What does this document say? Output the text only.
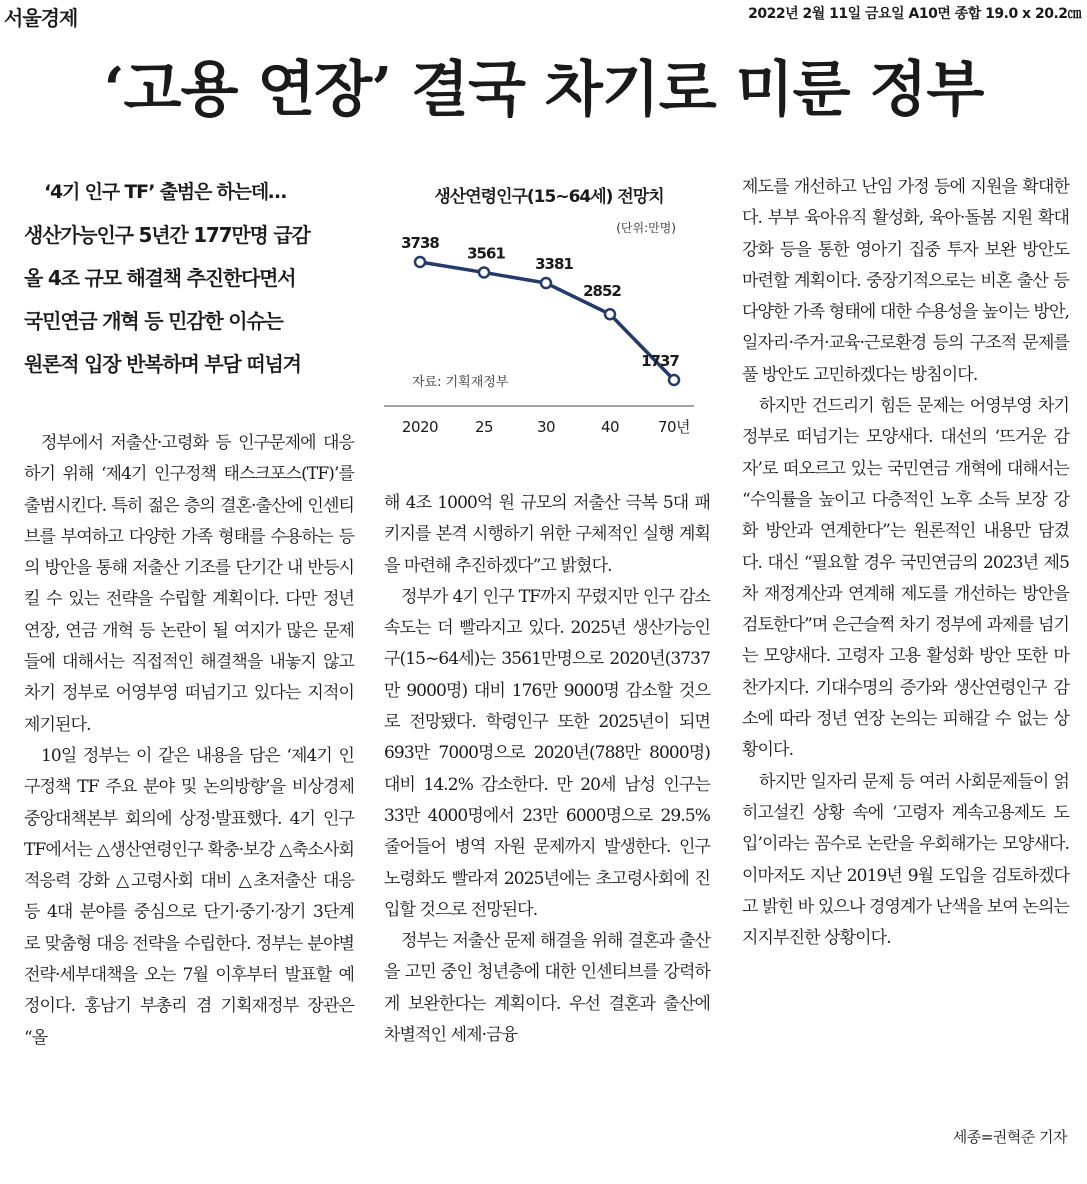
서울경제	2022년 2월 11일 금요일 A10면 종합 19.0 x 20.2㎝
‘고용 연장’ 결국 차기로 미룬 정부
‘4기 인구 TF’ 출범은 하는데…
생산가능인구 5년간 177만명 급감
올 4조 규모 해결책 추진한다면서
국민연금 개혁 등 민감한 이슈는
원론적 입장 반복하며 부담 떠넘겨

정부에서 저출산·고령화 등 인구문제에 대응하기 위해 ‘제4기 인구정책 태스크포스(TF)’를 출범시킨다. 특히 젊은 층의 결혼·출산에 인센티브를 부여하고 다양한 가족 형태를 수용하는 등의 방안을 통해 저출산 기조를 단기간 내 반등시킬 수 있는 전략을 수립할 계획이다. 다만 정년 연장, 연금 개혁 등 논란이 될 여지가 많은 문제들에 대해서는 직접적인 해결책을 내놓지 않고 차기 정부로 어영부영 떠넘기고 있다는 지적이 제기된다.

10일 정부는 이 같은 내용을 담은 ‘제4기 인구정책 TF 주요 분야 및 논의방향’을 비상경제 중앙대책본부 회의에 상정·발표했다. 4기 인구 TF에서는 △생산연령인구 확충·보강 △축소사회 적응력 강화 △고령사회 대비 △초저출산 대응 등 4대 분야를 중심으로 단기·중기·장기 3단계로 맞춤형 대응 전략을 수립한다. 정부는 분야별 전략·세부대책을 오는 7월 이후부터 발표할 예정이다. 홍남기 부총리 겸 기획재정부 장관은 “올

생산연령인구(15~64세) 전망치
(단위:만명)
자료: 기획재정부
3738
2020
3561
25
3381
30
2852
40
1737
70년

해 4조 1000억 원 규모의 저출산 극복 5대 패키지를 본격 시행하기 위한 구체적인 실행 계획을 마련해 추진하겠다”고 밝혔다.

정부가 4기 인구 TF까지 꾸렸지만 인구 감소 속도는 더 빨라지고 있다. 2025년 생산가능인구(15~64세)는 3561만명으로 2020년(3737만 9000명) 대비 176만 9000명 감소할 것으로 전망됐다. 학령인구 또한 2025년이 되면 693만 7000명으로 2020년(788만 8000명) 대비 14.2% 감소한다. 만 20세 남성 인구는 33만 4000명에서 23만 6000명으로 29.5% 줄어들어 병역 자원 문제까지 발생한다. 인구 노령화도 빨라져 2025년에는 초고령사회에 진입할 것으로 전망된다.

정부는 저출산 문제 해결을 위해 결혼과 출산을 고민 중인 청년층에 대한 인센티브를 강력하게 보완한다는 계획이다. 우선 결혼과 출산에 차별적인 세제·금융

제도를 개선하고 난임 가정 등에 지원을 확대한다. 부부 육아유직 활성화, 육아·돌봄 지원 확대 강화 등을 통한 영아기 집중 투자 보완 방안도 마련할 계획이다. 중장기적으로는 비혼 출산 등 다양한 가족 형태에 대한 수용성을 높이는 방안, 일자리·주거·교육·근로환경 등의 구조적 문제를 풀 방안도 고민하겠다는 방침이다.

하지만 건드리기 힘든 문제는 어영부영 차기 정부로 떠넘기는 모양새다. 대선의 ‘뜨거운 감자’로 떠오르고 있는 국민연금 개혁에 대해서는 “수익률을 높이고 다층적인 노후 소득 보장 강화 방안과 연계한다”는 원론적인 내용만 담겼다. 대신 “필요할 경우 국민연금의 2023년 제5차 재정계산과 연계해 제도를 개선하는 방안을 검토한다”며 은근슬쩍 차기 정부에 과제를 넘기는 모양새다. 고령자 고용 활성화 방안 또한 마찬가지다. 기대수명의 증가와 생산연령인구 감소에 따라 정년 연장 논의는 피해갈 수 없는 상황이다.

하지만 일자리 문제 등 여러 사회문제들이 얽히고설킨 상황 속에 ‘고령자 계속고용제도 도입’이라는 꼼수로 논란을 우회해가는 모양새다. 이마저도 지난 2019년 9월 도입을 검토하겠다고 밝힌 바 있으나 경영계가 난색을 보여 논의는 지지부진한 상황이다.

세종=권혁준 기자
